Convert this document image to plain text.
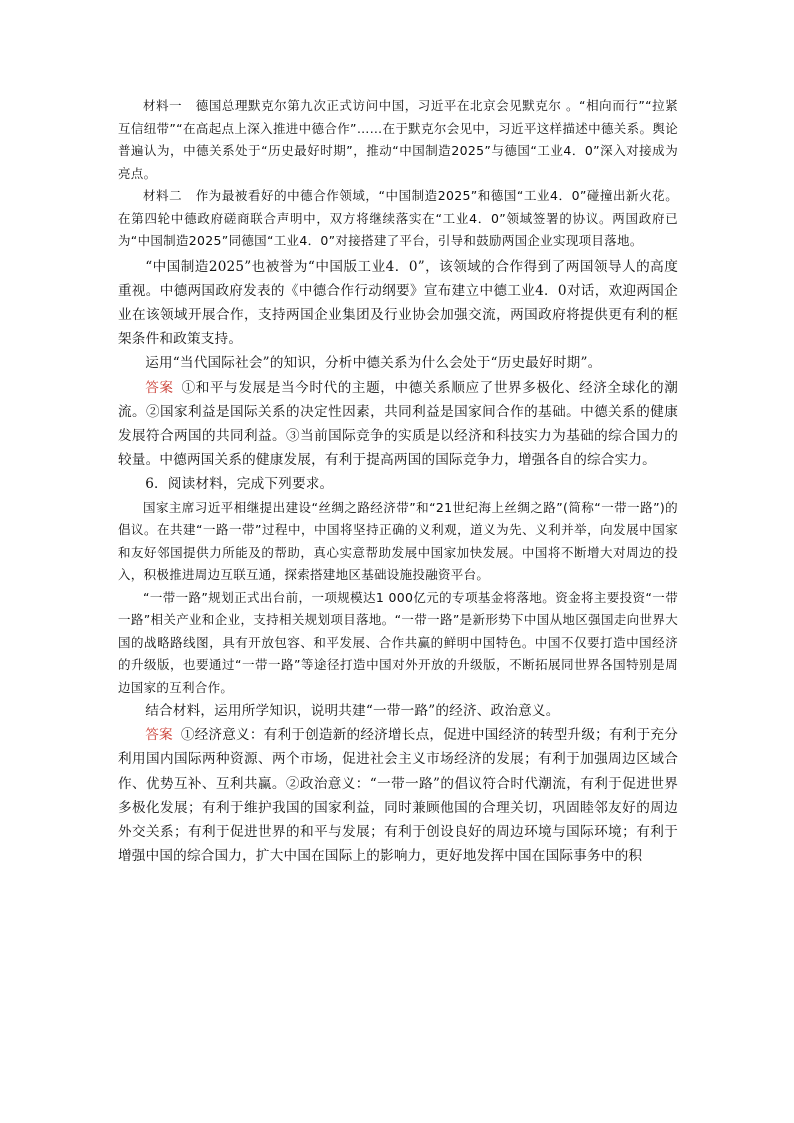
材料一 德国总理默克尔第九次正式访问中国，习近平在北京会见默克尔 。“相向而行”“拉紧互信纽带”“在高起点上深入推进中德合作”……在于默克尔会见中，习近平这样描述中德关系。舆论普遍认为，中德关系处于“历史最好时期”，推动“中国制造2025”与德国“工业4．0”深入对接成为亮点。

材料二 作为最被看好的中德合作领域，“中国制造2025”和德国“工业4．0”碰撞出新火花。在第四轮中德政府磋商联合声明中，双方将继续落实在“工业4．0”领域签署的协议。两国政府已为“中国制造2025”同德国“工业4．0”对接搭建了平台，引导和鼓励两国企业实现项目落地。

“中国制造2025”也被誉为“中国版工业4．0”，该领域的合作得到了两国领导人的高度重视。中德两国政府发表的《中德合作行动纲要》宣布建立中德工业4．0对话，欢迎两国企业在该领域开展合作，支持两国企业集团及行业协会加强交流，两国政府将提供更有利的框架条件和政策支持。

运用“当代国际社会”的知识，分析中德关系为什么会处于“历史最好时期”。

答案 ①和平与发展是当今时代的主题，中德关系顺应了世界多极化、经济全球化的潮流。②国家利益是国际关系的决定性因素，共同利益是国家间合作的基础。中德关系的健康发展符合两国的共同利益。③当前国际竞争的实质是以经济和科技实力为基础的综合国力的较量。中德两国关系的健康发展，有利于提高两国的国际竞争力，增强各自的综合实力。

6．阅读材料，完成下列要求。

国家主席习近平相继提出建设“丝绸之路经济带”和“21世纪海上丝绸之路”(简称“一带一路”)的倡议。在共建“一路一带”过程中，中国将坚持正确的义利观，道义为先、义利并举，向发展中国家和友好邻国提供力所能及的帮助，真心实意帮助发展中国家加快发展。中国将不断增大对周边的投入，积极推进周边互联互通，探索搭建地区基础设施投融资平台。

“一带一路”规划正式出台前，一项规模达1 000亿元的专项基金将落地。资金将主要投资“一带一路”相关产业和企业，支持相关规划项目落地。“一带一路”是新形势下中国从地区强国走向世界大国的战略路线图，具有开放包容、和平发展、合作共赢的鲜明中国特色。中国不仅要打造中国经济的升级版，也要通过“一带一路”等途径打造中国对外开放的升级版，不断拓展同世界各国特别是周边国家的互利合作。

结合材料，运用所学知识，说明共建“一带一路”的经济、政治意义。

答案 ①经济意义：有利于创造新的经济增长点，促进中国经济的转型升级；有利于充分利用国内国际两种资源、两个市场，促进社会主义市场经济的发展；有利于加强周边区域合作、优势互补、互利共赢。②政治意义：“一带一路”的倡议符合时代潮流，有利于促进世界多极化发展；有利于维护我国的国家利益，同时兼顾他国的合理关切，巩固睦邻友好的周边外交关系；有利于促进世界的和平与发展；有利于创设良好的周边环境与国际环境；有利于增强中国的综合国力，扩大中国在国际上的影响力，更好地发挥中国在国际事务中的积
